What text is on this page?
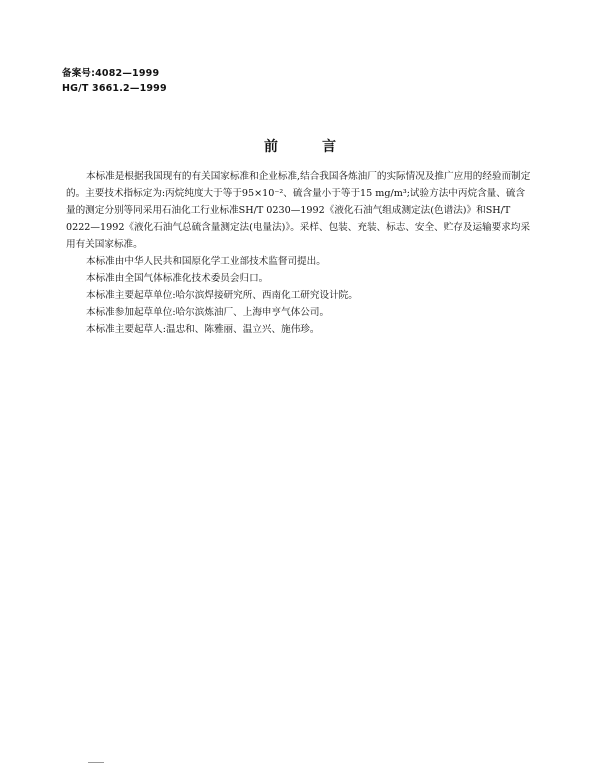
备案号:4082—1999
HG/T 3661.2—1999
前言

本标准是根据我国现有的有关国家标准和企业标准,结合我国各炼油厂的实际情况及推广应用的经验而制定的。主要技术指标定为:丙烷纯度大于等于95×10⁻²、硫含量小于等于15 mg/m³;试验方法中丙烷含量、硫含量的测定分别等同采用石油化工行业标准SH/T 0230—1992《液化石油气组成测定法(色谱法)》和SH/T 0222—1992《液化石油气总硫含量测定法(电量法)》。采样、包装、充装、标志、安全、贮存及运输要求均采用有关国家标准。

本标准由中华人民共和国原化学工业部技术监督司提出。

本标准由全国气体标准化技术委员会归口。

本标准主要起草单位:哈尔滨焊接研究所、西南化工研究设计院。

本标准参加起草单位:哈尔滨炼油厂、上海申亨气体公司。

本标准主要起草人:温忠和、陈雅丽、温立兴、施伟珍。
